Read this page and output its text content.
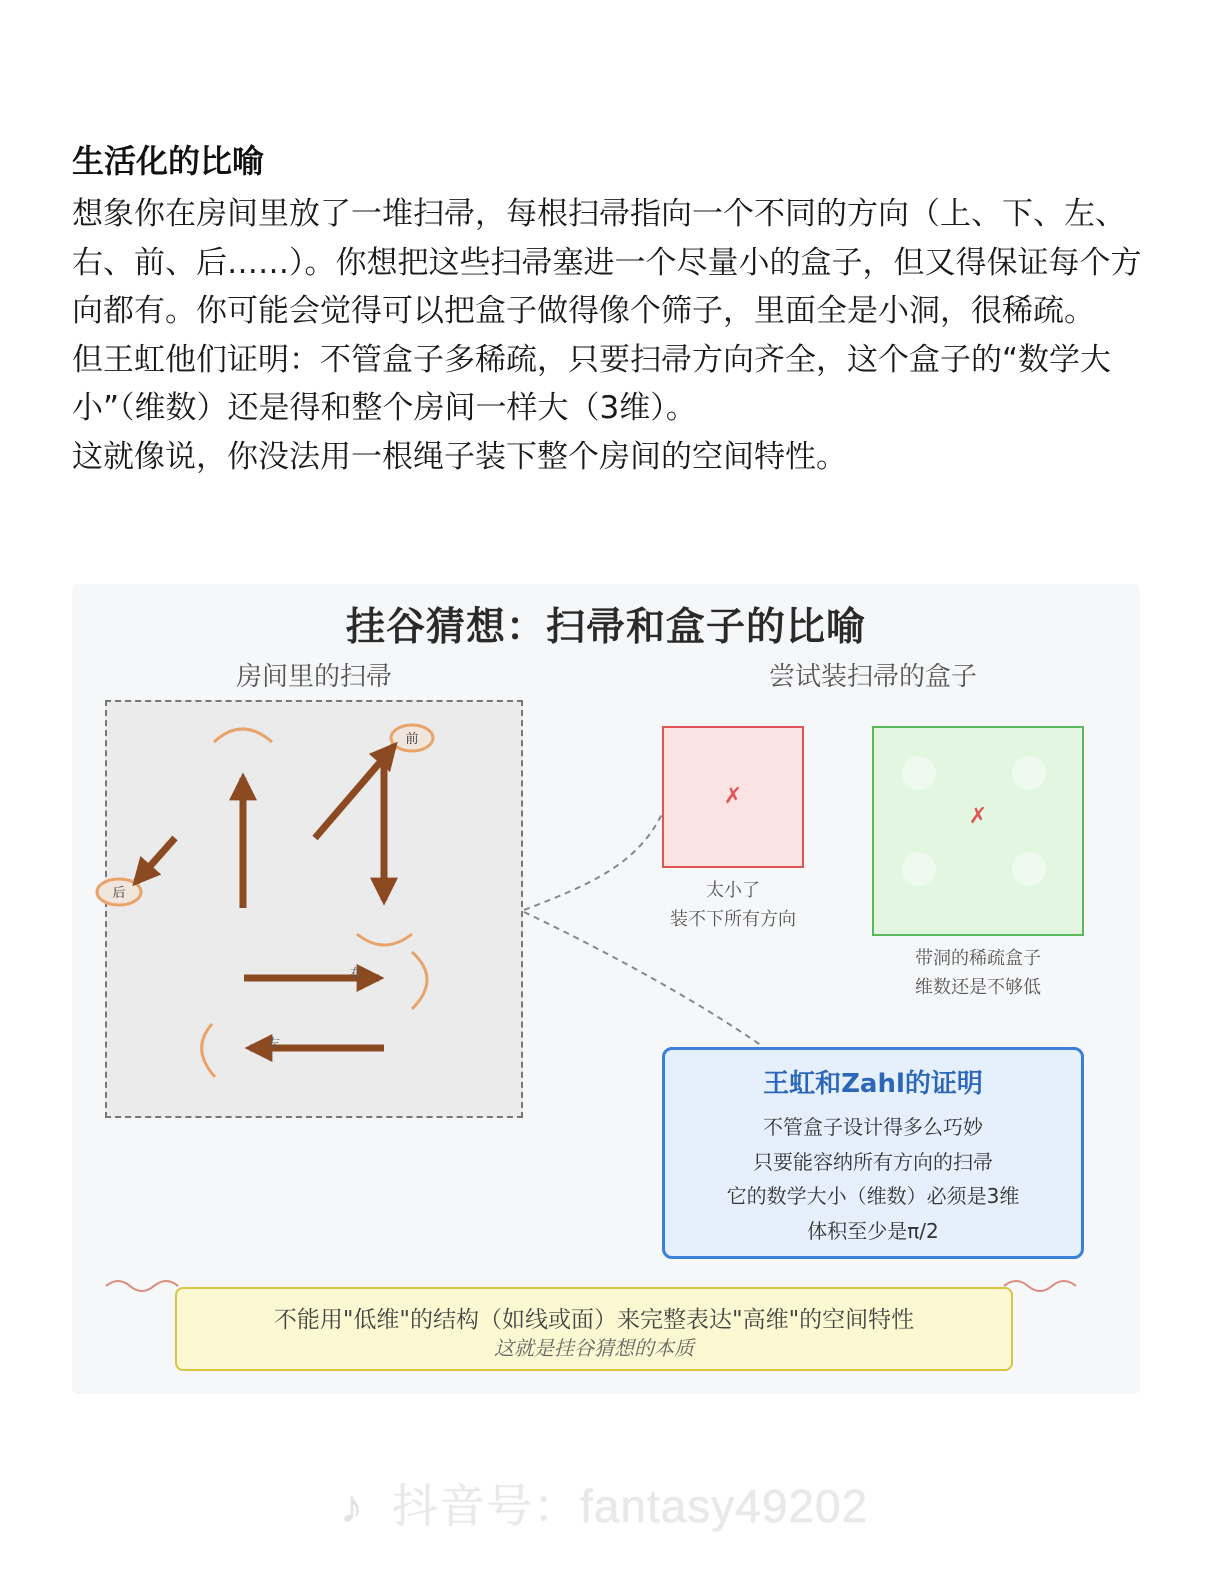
生活化的比喻

想象你在房间里放了一堆扫帚，每根扫帚指向一个不同的方向（上、下、左、右、前、后……）。你想把这些扫帚塞进一个尽量小的盒子，但又得保证每个方向都有。你可能会觉得可以把盒子做得像个筛子，里面全是小洞，很稀疏。

但王虹他们证明：不管盒子多稀疏，只要扫帚方向齐全，这个盒子的“数学大小”（维数）还是得和整个房间一样大（3维）。

这就像说，你没法用一根绳子装下整个房间的空间特性。

挂谷猜想：扫帚和盒子的比喻
房间里的扫帚	尝试装扫帚的盒子
前
后
右
左
✗
太小了
装不下所有方向
✗
带洞的稀疏盒子
维数还是不够低
王虹和Zahl的证明
不管盒子设计得多么巧妙
只要能容纳所有方向的扫帚
它的数学大小（维数）必须是3维
体积至少是π/2
不能用"低维"的结构（如线或面）来完整表达"高维"的空间特性
这就是挂谷猜想的本质
♪ 抖音号：fantasy49202
